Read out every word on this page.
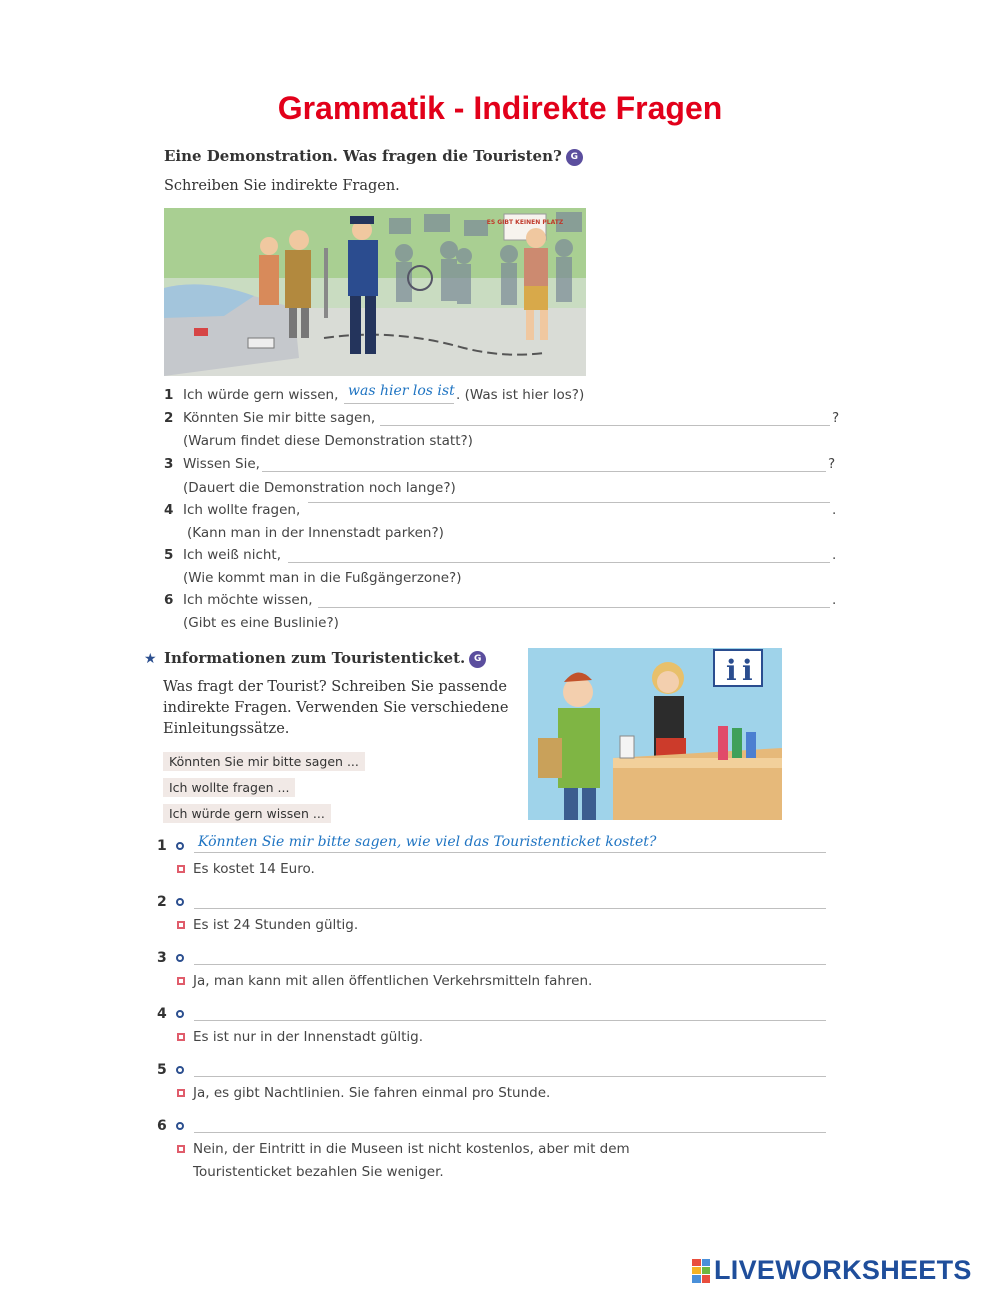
Grammatik - Indirekte Fragen
Eine Demonstration. Was fragen die Touristen? G
Schreiben Sie indirekte Fragen.
ES GIBT KEINEN PLATZ
1 Ich würde gern wissen, was hier los ist . (Was ist hier los?)
2 Könnten Sie mir bitte sagen,	?
(Warum findet diese Demonstration statt?)
3 Wissen Sie,	?
(Dauert die Demonstration noch lange?)
4 Ich wollte fragen,	.
(Kann man in der Innenstadt parken?)
5 Ich weiß nicht,	.
(Wie kommt man in die Fußgängerzone?)
6 Ich möchte wissen,	.
(Gibt es eine Buslinie?)
★ Informationen zum Touristenticket. G
Was fragt der Tourist? Schreiben Sie passende
indirekte Fragen. Verwenden Sie verschiedene
Einleitungssätze.
Könnten Sie mir bitte sagen ...
Ich wollte fragen ...
Ich würde gern wissen ...
i i
1 Könnten Sie mir bitte sagen, wie viel das Touristenticket kostet?
Es kostet 14 Euro.
2
Es ist 24 Stunden gültig.
3
Ja, man kann mit allen öffentlichen Verkehrsmitteln fahren.
4
Es ist nur in der Innenstadt gültig.
5
Ja, es gibt Nachtlinien. Sie fahren einmal pro Stunde.
6
Nein, der Eintritt in die Museen ist nicht kostenlos, aber mit dem
Touristenticket bezahlen Sie weniger.
LIVEWORKSHEETS
